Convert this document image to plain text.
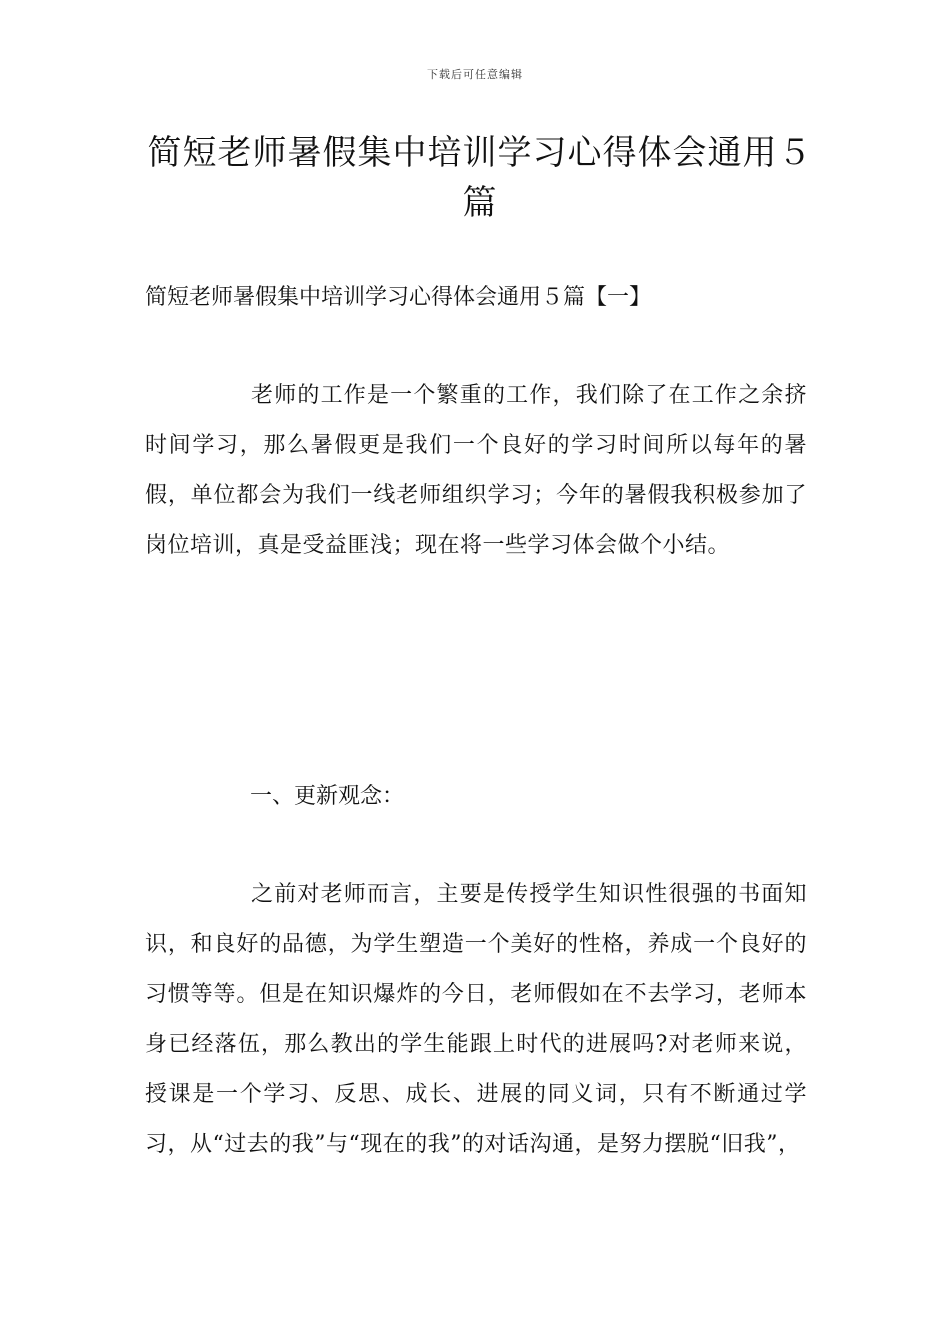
下载后可任意编辑
简短老师暑假集中培训学习心得体会通用５篇
简短老师暑假集中培训学习心得体会通用５篇【一】
老师的工作是一个繁重的工作，我们除了在工作之余挤时间学习，那么暑假更是我们一个良好的学习时间所以每年的暑假，单位都会为我们一线老师组织学习；今年的暑假我积极参加了岗位培训，真是受益匪浅；现在将一些学习体会做个小结。
一、更新观念：
之前对老师而言，主要是传授学生知识性很强的书面知识，和良好的品德，为学生塑造一个美好的性格，养成一个良好的习惯等等。但是在知识爆炸的今日，老师假如在不去学习，老师本身已经落伍，那么教出的学生能跟上时代的进展吗?对老师来说，授课是一个学习、反思、成长、进展的同义词，只有不断通过学习，从“过去的我”与“现在的我”的对话沟通，是努力摆脱“旧我”，
